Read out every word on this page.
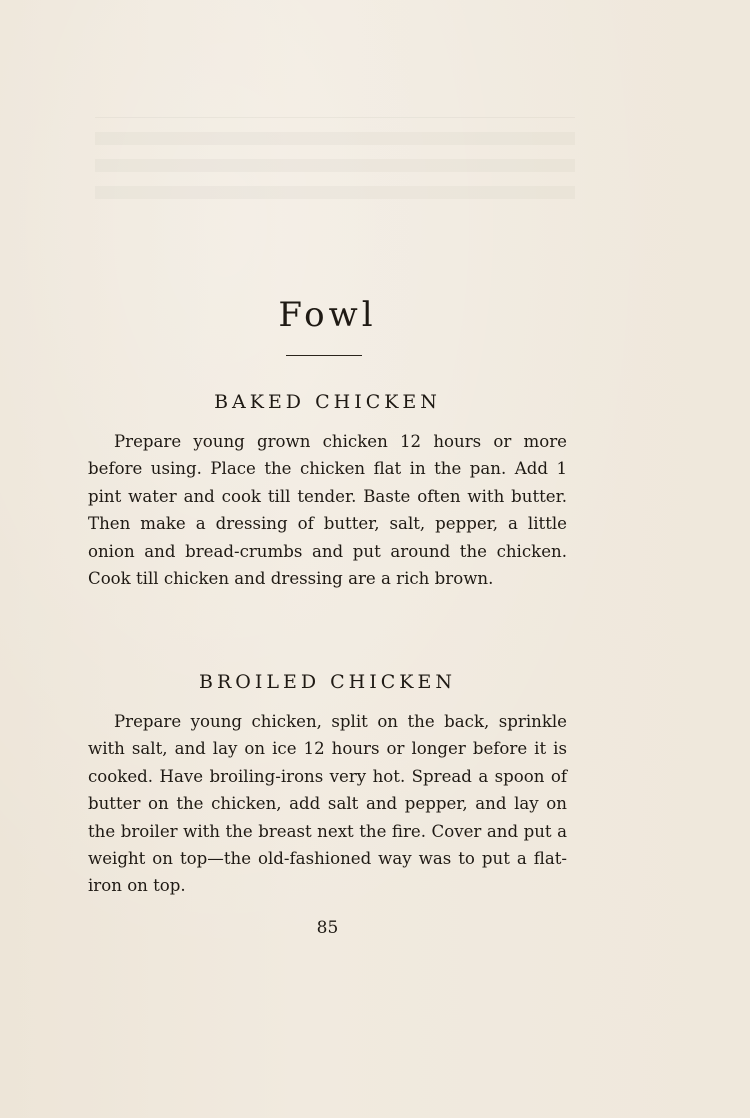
Fowl
BAKED CHICKEN

Prepare young grown chicken 12 hours or more before using. Place the chicken flat in the pan. Add 1 pint water and cook till tender. Baste often with butter. Then make a dressing of butter, salt, pepper, a little onion and bread-crumbs and put around the chicken. Cook till chicken and dressing are a rich brown.

BROILED CHICKEN

Prepare young chicken, split on the back, sprinkle with salt, and lay on ice 12 hours or longer before it is cooked. Have broiling-irons very hot. Spread a spoon of butter on the chicken, add salt and pepper, and lay on the broiler with the breast next the fire. Cover and put a weight on top—the old-fashioned way was to put a flat-iron on top.

85
